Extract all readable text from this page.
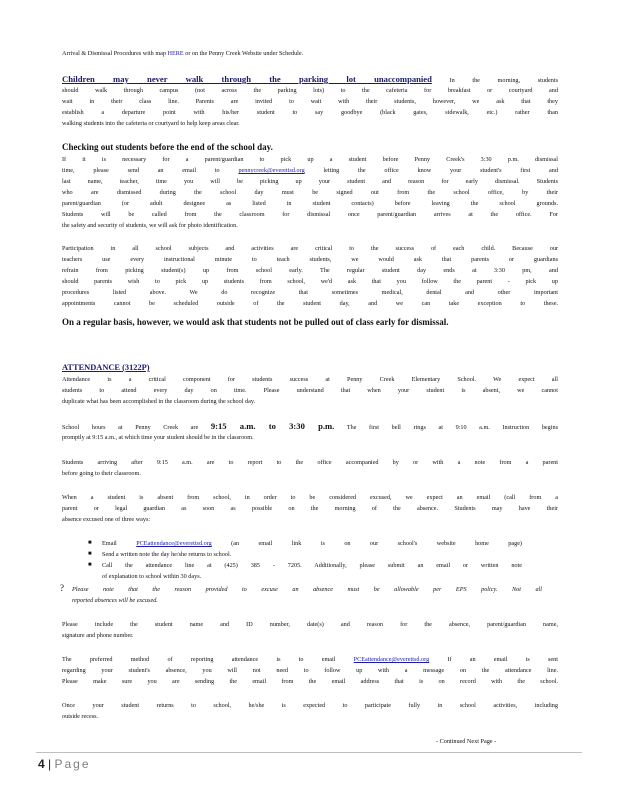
Arrival & Dismissal Procedures with map HERE or on the Penny Creek Website under Schedule.
Children may never walk through the parking lot unaccompanied	In the morning, students
should walk through campus (not across the parking lots) to the cafeteria for breakfast or courtyard and
wait in their class line. Parents are invited to wait with their students, however, we ask that they
establish a departure point with his/her student to say goodbye (black gates, sidewalk, etc.) rather than
walking students into the cafeteria or courtyard to help keep areas clear.
Checking out students before the end of the school day.
If it is necessary for a parent/guardian to pick up a student before Penny Creek's 3:30 p.m. dismissal
time, please send an email to	pennycreek@everettsd.org	letting the office know your student's first and
last name, teacher, time you will be picking up your student and reason for early dismissal. Students
who are dismissed during the school day must be signed out from the school office, by their
parent/guardian (or adult designee as listed in student contacts) before leaving the school grounds.
Students will be called from the classroom for dismissal once parent/guardian arrives at the office. For
the safety and security of students, we will ask for photo identification.
Participation in all school subjects and activities are critical to the success of each child. Because our
teachers use every instructional minute to teach students, we would ask that parents or guardians
refrain from picking student(s) up from school early. The regular student day ends at 3:30 pm, and
should parents wish to pick up students from school, we'd ask that you follow the parent - pick up
procedures listed above. We do recognize that sometimes medical, dental and other important
appointments cannot be scheduled outside of the student day, and we can take exception to these.
On a regular basis, however, we would ask that students not be pulled out of class early for dismissal.
ATTENDANCE (3122P)
Attendance is a critical component for students success at Penny Creek Elementary School. We expect all
students to attend every day on time. Please understand that when your student is absent, we cannot
duplicate what has been accomplished in the classroom during the school day.
School hours at Penny Creek are 9:15 a.m. to 3:30 p.m. The first bell rings at 9:10 a.m. Instruction begins
promptly at 9:15 a.m., at which time your student should be in the classroom.
Students arriving after 9:15 a.m. are to report to the office accompanied by or with a note from a parent
before going to their classroom.
When a student is absent from school, in order to be considered excused, we expect an email (call from a
parent or legal guardian as soon as possible on the morning of the absence. Students may have their
absence excused one of three ways:
■ Email	PCEattendance@everettsd.org	(an email link is on our school's website home page)
■ Send a written note the day he/she returns to school.
■ Call the attendance line at (425) 385 - 7205. Additionally, please submit an email or written note
of explanation to school within 30 days.
? Please note that the reason provided to excuse an absence must be allowable per EPS policy. Not all
reported absences will be excused.
Please include the student name and ID number, date(s) and reason for the absence, parent/guardian name,
signature and phone number.
The preferred method of reporting attendance is to email	PCEattendance@everettsd.org	If an email is sent
regarding your student's absence, you will not need to follow up with a message on the attendance line.
Please make sure you are sending the email from the email address that is on record with the school.
Once your student returns to school, he/she is expected to participate fully in school activities, including
outside recess.
- Continued Next Page -
4 | Page
